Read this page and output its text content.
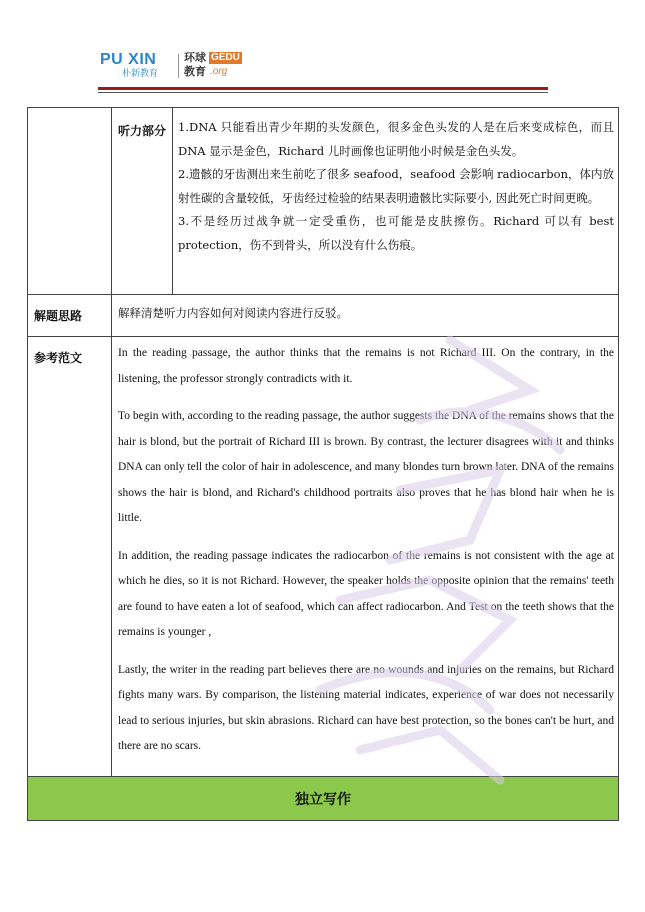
PU XIN
朴新教育
环球
教育
GEDU
.org
听力部分 1.DNA 只能看出青少年期的头发颜色，很多金色头发的人是在后来变成棕色，而且 DNA 显示是金色，Richard 儿时画像也证明他小时候是金色头发。
2.遗骸的牙齿测出来生前吃了很多 seafood，seafood 会影响 radiocarbon，体内放射性碳的含量较低，牙齿经过检验的结果表明遗骸比实际要小, 因此死亡时间更晚。
3.不是经历过战争就一定受重伤，也可能是皮肤擦伤。Richard 可以有 best protection，伤不到骨头，所以没有什么伤痕。
解题思路	解释清楚听力内容如何对阅读内容进行反驳。
参考范文	In the reading passage, the author thinks that the remains is not Richard III. On the contrary, in the listening, the professor strongly contradicts with it.
To begin with, according to the reading passage, the author suggests the DNA of the remains shows that the hair is blond, but the portrait of Richard III is brown. By contrast, the lecturer disagrees with it and thinks DNA can only tell the color of hair in adolescence, and many blondes turn brown later. DNA of the remains shows the hair is blond, and Richard's childhood portraits also proves that he has blond hair when he is little.
In addition, the reading passage indicates the radiocarbon of the remains is not consistent with the age at which he dies, so it is not Richard. However, the speaker holds the opposite opinion that the remains' teeth are found to have eaten a lot of seafood, which can affect radiocarbon. And Test on the teeth shows that the remains is younger ,
Lastly, the writer in the reading part believes there are no wounds and injuries on the remains, but Richard fights many wars. By comparison, the listening material indicates, experience of war does not necessarily lead to serious injuries, but skin abrasions. Richard can have best protection, so the bones can't be hurt, and there are no scars.
独立写作
